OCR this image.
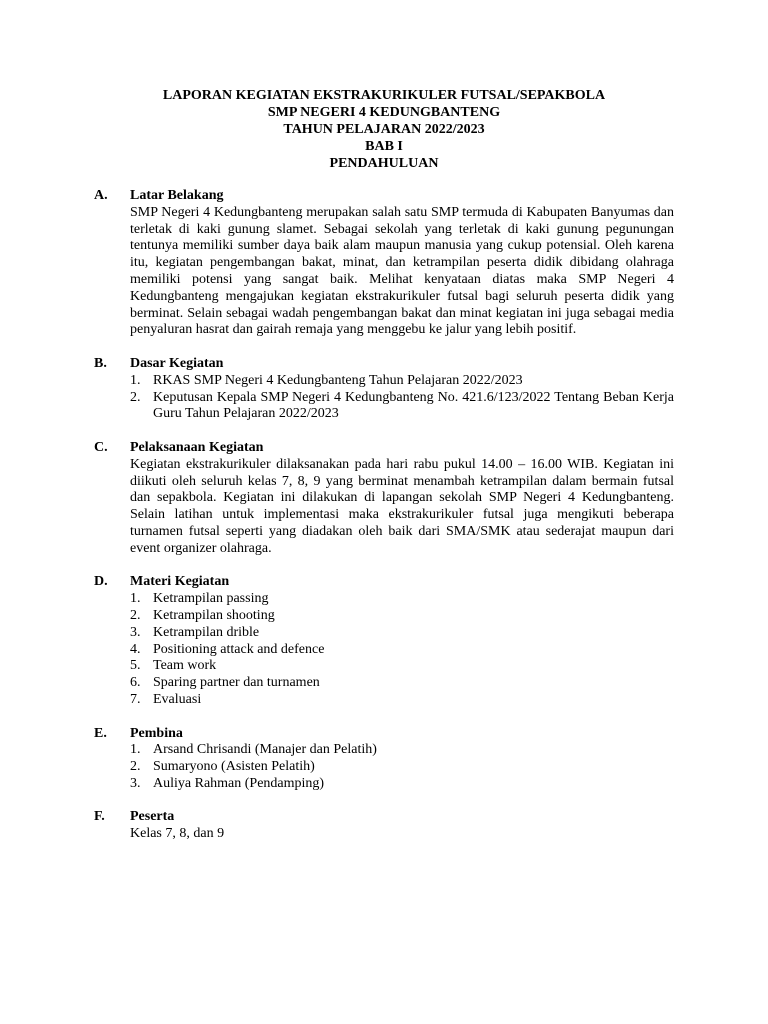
LAPORAN KEGIATAN EKSTRAKURIKULER FUTSAL/SEPAKBOLA
SMP NEGERI 4 KEDUNGBANTENG
TAHUN PELAJARAN 2022/2023
BAB I
PENDAHULUAN
A. Latar Belakang
SMP Negeri 4 Kedungbanteng merupakan salah satu SMP termuda di Kabupaten Banyumas dan terletak di kaki gunung slamet. Sebagai sekolah yang terletak di kaki gunung pegunungan tentunya memiliki sumber daya baik alam maupun manusia yang cukup potensial. Oleh karena itu, kegiatan pengembangan bakat, minat, dan ketrampilan peserta didik dibidang olahraga memiliki potensi yang sangat baik. Melihat kenyataan diatas maka SMP Negeri 4 Kedungbanteng mengajukan kegiatan ekstrakurikuler futsal bagi seluruh peserta didik yang berminat. Selain sebagai wadah pengembangan bakat dan minat kegiatan ini juga sebagai media penyaluran hasrat dan gairah remaja yang menggebu ke jalur yang lebih positif.
B. Dasar Kegiatan
1. RKAS SMP Negeri 4 Kedungbanteng Tahun Pelajaran 2022/2023
2. Keputusan Kepala SMP Negeri 4 Kedungbanteng No. 421.6/123/2022 Tentang Beban Kerja Guru Tahun Pelajaran 2022/2023
C. Pelaksanaan Kegiatan
Kegiatan ekstrakurikuler dilaksanakan pada hari rabu pukul 14.00 – 16.00 WIB. Kegiatan ini diikuti oleh seluruh kelas 7, 8, 9 yang berminat menambah ketrampilan dalam bermain futsal dan sepakbola. Kegiatan ini dilakukan di lapangan sekolah SMP Negeri 4 Kedungbanteng. Selain latihan untuk implementasi maka ekstrakurikuler futsal juga mengikuti beberapa turnamen futsal seperti yang diadakan oleh baik dari SMA/SMK atau sederajat maupun dari event organizer olahraga.
D. Materi Kegiatan
1. Ketrampilan passing
2. Ketrampilan shooting
3. Ketrampilan drible
4. Positioning attack and defence
5. Team work
6. Sparing partner dan turnamen
7. Evaluasi
E. Pembina
1. Arsand Chrisandi (Manajer dan Pelatih)
2. Sumaryono (Asisten Pelatih)
3. Auliya Rahman (Pendamping)
F. Peserta
Kelas 7, 8, dan 9
